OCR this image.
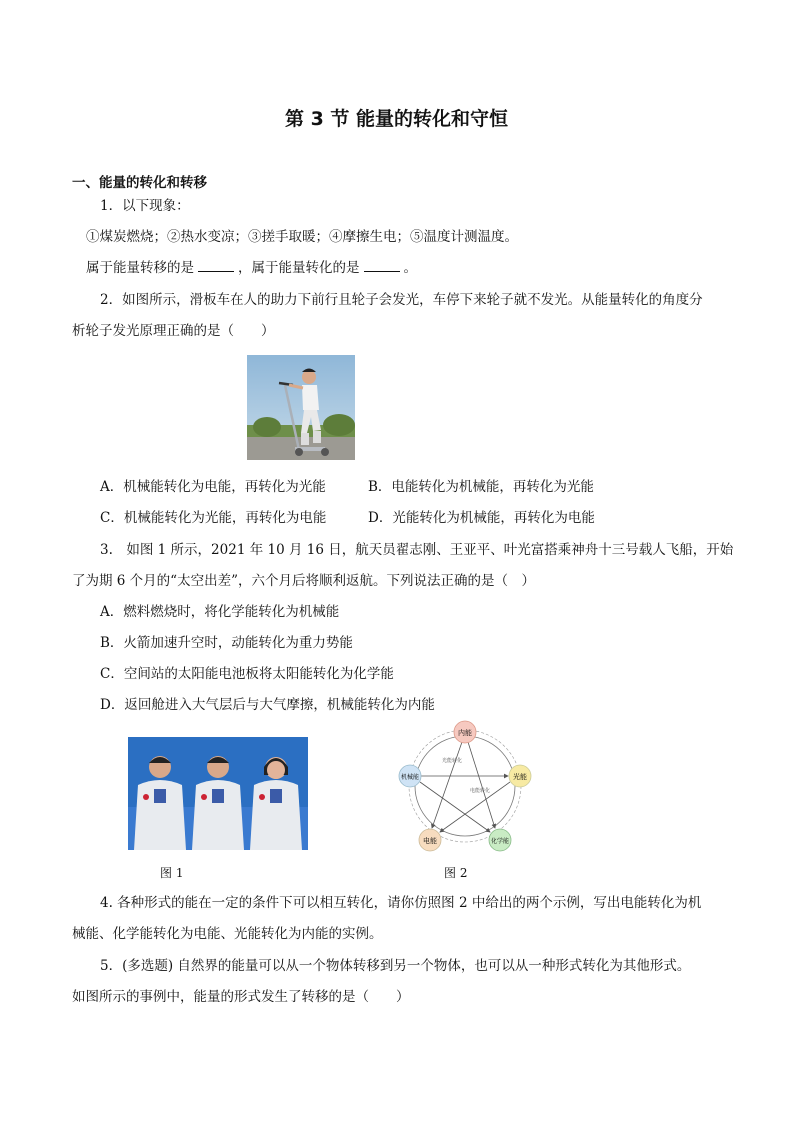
第 3 节 能量的转化和守恒
一、能量的转化和转移
1．以下现象：
①煤炭燃烧；②热水变凉；③搓手取暖；④摩擦生电；⑤温度计测温度。
属于能量转移的是	，属于能量转化的是	。
2．如图所示，滑板车在人的助力下前行且轮子会发光，车停下来轮子就不发光。从能量转化的角度分
析轮子发光原理正确的是（　　）
A．机械能转化为电能，再转化为光能	B．电能转化为机械能，再转化为光能
C．机械能转化为光能，再转化为电能	D．光能转化为机械能，再转化为电能
3.　如图 1 所示，2021 年 10 月 16 日，航天员翟志刚、王亚平、叶光富搭乘神舟十三号载人飞船，开始
了为期 6 个月的“太空出差”，六个月后将顺利返航。下列说法正确的是（　）
A．燃料燃烧时，将化学能转化为机械能
B．火箭加速升空时，动能转化为重力势能
C．空间站的太阳能电池板将太阳能转化为化学能
D．返回舱进入大气层后与大气摩擦，机械能转化为内能
图 1
光能转化
电能转化
内能
光能
化学能
电能
机械能
图 2
4. 各种形式的能在一定的条件下可以相互转化，请你仿照图 2 中给出的两个示例，写出电能转化为机
械能、化学能转化为电能、光能转化为内能的实例。
5．(多选题) 自然界的能量可以从一个物体转移到另一个物体，也可以从一种形式转化为其他形式。
如图所示的事例中，能量的形式发生了转移的是（　　）
